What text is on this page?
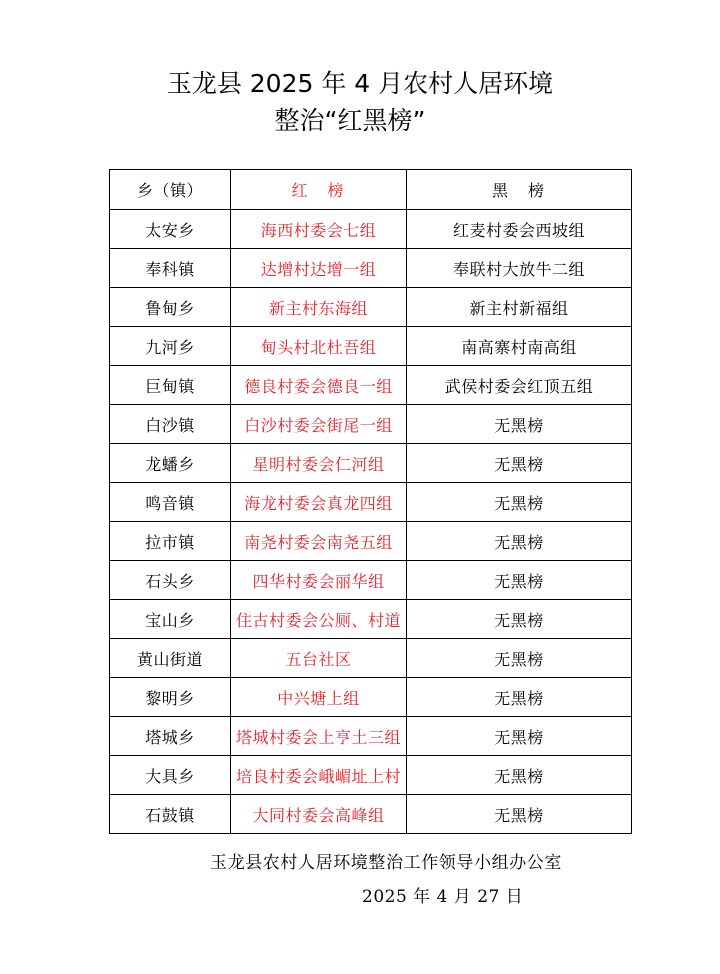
玉龙县 2025 年 4 月农村人居环境
整治“红黑榜”
乡（镇）	红　榜	黑　榜
太安乡	海西村委会七组	红麦村委会西坡组
奉科镇	达增村达增一组	奉联村大放牛二组
鲁甸乡	新主村东海组	新主村新福组
九河乡	甸头村北杜吾组	南高寨村南高组
巨甸镇	德良村委会德良一组	武侯村委会红顶五组
白沙镇	白沙村委会街尾一组	无黑榜
龙蟠乡	星明村委会仁河组	无黑榜
鸣音镇	海龙村委会真龙四组	无黑榜
拉市镇	南尧村委会南尧五组	无黑榜
石头乡	四华村委会丽华组	无黑榜
宝山乡	住古村委会公厕、村道	无黑榜
黄山街道	五台社区	无黑榜
黎明乡	中兴塘上组	无黑榜
塔城乡	塔城村委会上亨土三组	无黑榜
大具乡	培良村委会峨嵋址上村	无黑榜
石鼓镇	大同村委会高峰组	无黑榜
玉龙县农村人居环境整治工作领导小组办公室
2025 年 4 月 27 日
